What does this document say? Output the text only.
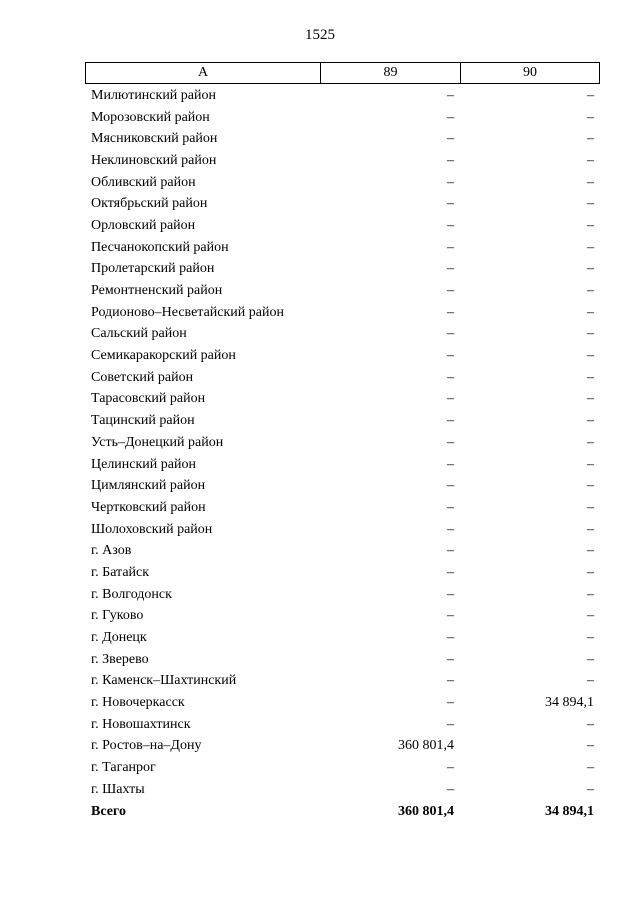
1525
А	89	90
Милютинский район	–	–
Морозовский район	–	–
Мясниковский район	–	–
Неклиновский район	–	–
Обливский район	–	–
Октябрьский район	–	–
Орловский район	–	–
Песчанокопский район	–	–
Пролетарский район	–	–
Ремонтненский район	–	–
Родионово–Несветайский район	–	–
Сальский район	–	–
Семикаракорский район	–	–
Советский район	–	–
Тарасовский район	–	–
Тацинский район	–	–
Усть–Донецкий район	–	–
Целинский район	–	–
Цимлянский район	–	–
Чертковский район	–	–
Шолоховский район	–	–
г. Азов	–	–
г. Батайск	–	–
г. Волгодонск	–	–
г. Гуково	–	–
г. Донецк	–	–
г. Зверево	–	–
г. Каменск–Шахтинский	–	–
г. Новочеркасск	–	34 894,1
г. Новошахтинск	–	–
г. Ростов–на–Дону	360 801,4	–
г. Таганрог	–	–
г. Шахты	–	–
Всего	360 801,4	34 894,1
